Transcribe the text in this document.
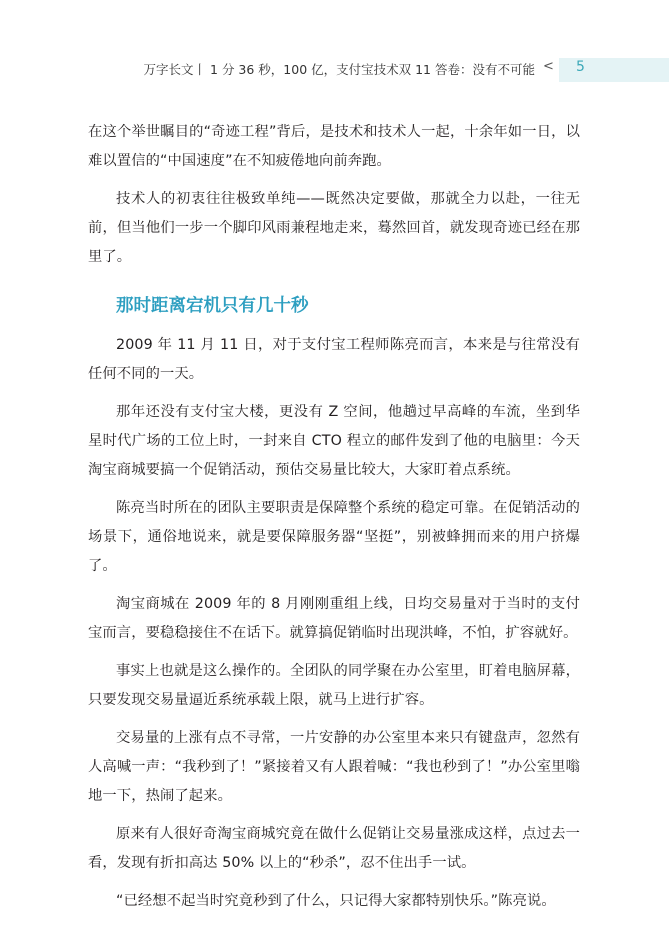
万字长文丨 1 分 36 秒，100 亿，支付宝技术双 11 答卷：没有不可能 < 5

在这个举世瞩目的“奇迹工程”背后，是技术和技术人一起，十余年如一日，以难以置信的“中国速度”在不知疲倦地向前奔跑。

技术人的初衷往往极致单纯——既然决定要做，那就全力以赴，一往无前，但当他们一步一个脚印风雨兼程地走来，蓦然回首，就发现奇迹已经在那里了。

那时距离宕机只有几十秒

2009 年 11 月 11 日，对于支付宝工程师陈亮而言，本来是与往常没有任何不同的一天。

那年还没有支付宝大楼，更没有 Z 空间，他趟过早高峰的车流，坐到华星时代广场的工位上时，一封来自 CTO 程立的邮件发到了他的电脑里：今天淘宝商城要搞一个促销活动，预估交易量比较大，大家盯着点系统。

陈亮当时所在的团队主要职责是保障整个系统的稳定可靠。在促销活动的场景下，通俗地说来，就是要保障服务器“坚挺”，别被蜂拥而来的用户挤爆了。

淘宝商城在 2009 年的 8 月刚刚重组上线，日均交易量对于当时的支付宝而言，要稳稳接住不在话下。就算搞促销临时出现洪峰，不怕，扩容就好。

事实上也就是这么操作的。全团队的同学聚在办公室里，盯着电脑屏幕，只要发现交易量逼近系统承载上限，就马上进行扩容。

交易量的上涨有点不寻常，一片安静的办公室里本来只有键盘声，忽然有人高喊一声：“我秒到了！”紧接着又有人跟着喊：“我也秒到了！”办公室里嗡地一下，热闹了起来。

原来有人很好奇淘宝商城究竟在做什么促销让交易量涨成这样，点过去一看，发现有折扣高达 50% 以上的“秒杀”，忍不住出手一试。

“已经想不起当时究竟秒到了什么，只记得大家都特别快乐。”陈亮说。
